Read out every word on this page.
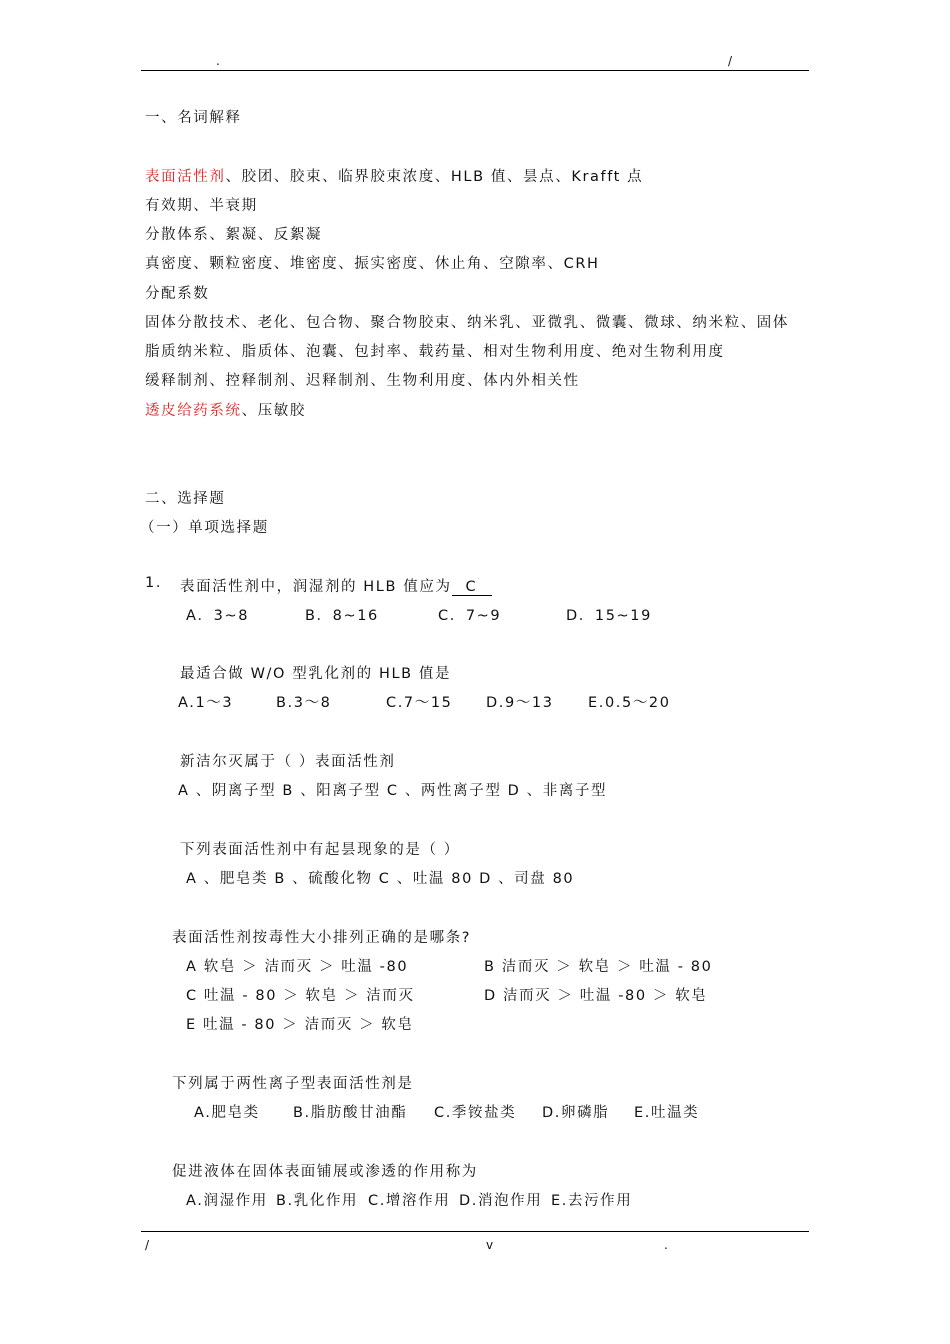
.	/
一、名词解释
表面活性剂、胶团、胶束、临界胶束浓度、HLB 值、昙点、Krafft 点
有效期、半衰期
分散体系、絮凝、反絮凝
真密度、颗粒密度、堆密度、振实密度、休止角、空隙率、CRH
分配系数
固体分散技术、老化、包合物、聚合物胶束、纳米乳、亚微乳、微囊、微球、纳米粒、固体
脂质纳米粒、脂质体、泡囊、包封率、载药量、相对生物利用度、绝对生物利用度
缓释制剂、控释制剂、迟释制剂、生物利用度、体内外相关性
透皮给药系统、压敏胶
二、选择题
（一）单项选择题
1. 表面活性剂中，润湿剂的 HLB 值应为 C
A．3~8	B．8~16	C．7~9	D．15~19
最适合做 W/O 型乳化剂的 HLB 值是
A.1～3	B.3～8	C.7～15 D.9～13 E.0.5～20
新洁尔灭属于（ ）表面活性剂
A 、阴离子型 B 、阳离子型 C 、两性离子型 D 、非离子型
下列表面活性剂中有起昙现象的是（ ）
A 、肥皂类 B 、硫酸化物 C 、吐温 80 D 、司盘 80
表面活性剂按毒性大小排列正确的是哪条?
A 软皂 ＞ 洁而灭 ＞ 吐温 -80	B 洁而灭 ＞ 软皂 ＞ 吐温 - 80
C 吐温 - 80 ＞ 软皂 ＞ 洁而灭	D 洁而灭 ＞ 吐温 -80 ＞ 软皂
E 吐温 - 80 ＞ 洁而灭 ＞ 软皂
下列属于两性离子型表面活性剂是
A.肥皂类 B.脂肪酸甘油酯 C.季铵盐类 D.卵磷脂 E.吐温类
促进液体在固体表面铺展或渗透的作用称为
A.润湿作用 B.乳化作用 C.增溶作用 D.消泡作用 E.去污作用
/	v	.
